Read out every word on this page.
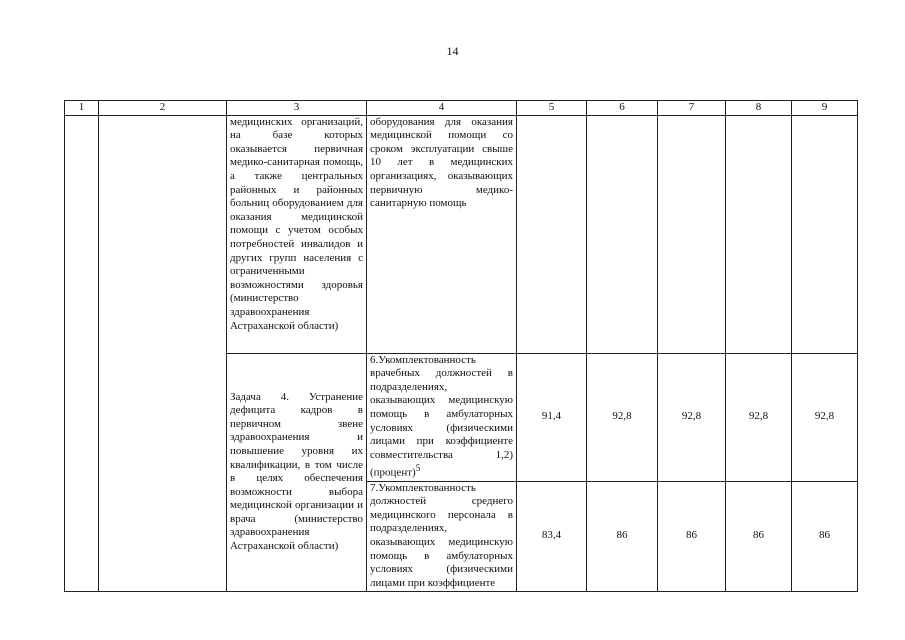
14
1	2	3	4	5	6	7	8	9
		медицинских организаций, на базе которых оказывается первичная медико-санитарная помощь, а также центральных районных и районных больниц оборудованием для оказания медицинской помощи с учетом особых потребностей инвалидов и других групп населения с ограниченными возможностями здоровья (министерство здравоохранения Астраханской области)	оборудования для оказания медицинской помощи со сроком эксплуатации свыше 10 лет в медицинских организациях, оказывающих первичную медико-санитарную помощь					
		Задача 4. Устранение дефицита кадров в первичном звене здравоохранения и повышение уровня их квалификации, в том числе в целях обеспечения возможности выбора медицинской организации и врача (министерство здравоохранения Астраханской области)	6.Укомплектованность врачебных должностей в подразделениях, оказывающих медицинскую помощь в амбулаторных условиях (физическими лицами при коэффициенте совместительства 1,2) (процент)$^5$	91,4	92,8	92,8	92,8	92,8

			7.Укомплектованность должностей среднего медицинского персонала в подразделениях, оказывающих медицинскую помощь в амбулаторных условиях (физическими лицами при коэффициенте	83,4	86	86	86	86
